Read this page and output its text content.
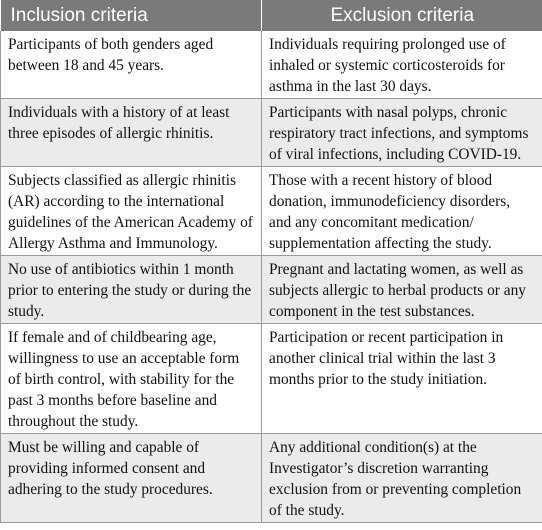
Inclusion criteria	Exclusion criteria
Participants of both genders aged between 18 and 45 years.	Individuals requiring prolonged use of inhaled or systemic corticosteroids for asthma in the last 30 days.
Individuals with a history of at least three episodes of allergic rhinitis.	Participants with nasal polyps, chronic respiratory tract infections, and symptoms of viral infections, including COVID-19.
Subjects classified as allergic rhinitis (AR) according to the international guidelines of the American Academy of Allergy Asthma and Immunology.	Those with a recent history of blood donation, immunodeficiency disorders, and any concomitant medication/ supplementation affecting the study.
No use of antibiotics within 1 month prior to entering the study or during the study.	Pregnant and lactating women, as well as subjects allergic to herbal products or any component in the test substances.
If female and of childbearing age, willingness to use an acceptable form of birth control, with stability for the past 3 months before baseline and throughout the study.	Participation or recent participation in another clinical trial within the last 3 months prior to the study initiation.
Must be willing and capable of providing informed consent and adhering to the study procedures.	Any additional condition(s) at the Investigator’s discretion warranting exclusion from or preventing completion of the study.
